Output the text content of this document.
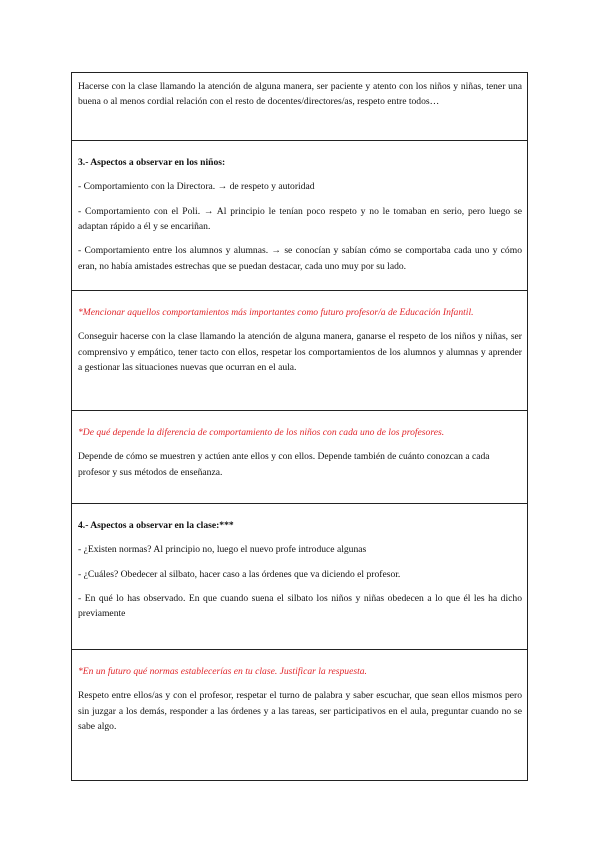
Hacerse con la clase llamando la atención de alguna manera, ser paciente y atento con los niños y niñas, tener una buena o al menos cordial relación con el resto de docentes/directores/as, respeto entre todos…

3.- Aspectos a observar en los niños:

- Comportamiento con la Directora. → de respeto y autoridad

- Comportamiento con el Poli. → Al principio le tenían poco respeto y no le tomaban en serio, pero luego se adaptan rápido a él y se encariñan.

- Comportamiento entre los alumnos y alumnas. → se conocían y sabían cómo se comportaba cada uno y cómo eran, no había amistades estrechas que se puedan destacar, cada uno muy por su lado.

*Mencionar aquellos comportamientos más importantes como futuro profesor/a de Educación Infantil.

Conseguir hacerse con la clase llamando la atención de alguna manera, ganarse el respeto de los niños y niñas, ser comprensivo y empático, tener tacto con ellos, respetar los comportamientos de los alumnos y alumnas y aprender a gestionar las situaciones nuevas que ocurran en el aula.

*De qué depende la diferencia de comportamiento de los niños con cada uno de los profesores.

Depende de cómo se muestren y actúen ante ellos y con ellos. Depende también de cuánto conozcan a cada profesor y sus métodos de enseñanza.

4.- Aspectos a observar en la clase:***

- ¿Existen normas? Al principio no, luego el nuevo profe introduce algunas

- ¿Cuáles? Obedecer al silbato, hacer caso a las órdenes que va diciendo el profesor.

- En qué lo has observado. En que cuando suena el silbato los niños y niñas obedecen a lo que él les ha dicho previamente

*En un futuro qué normas establecerías en tu clase. Justificar la respuesta.

Respeto entre ellos/as y con el profesor, respetar el turno de palabra y saber escuchar, que sean ellos mismos pero sin juzgar a los demás, responder a las órdenes y a las tareas, ser participativos en el aula, preguntar cuando no se sabe algo.
